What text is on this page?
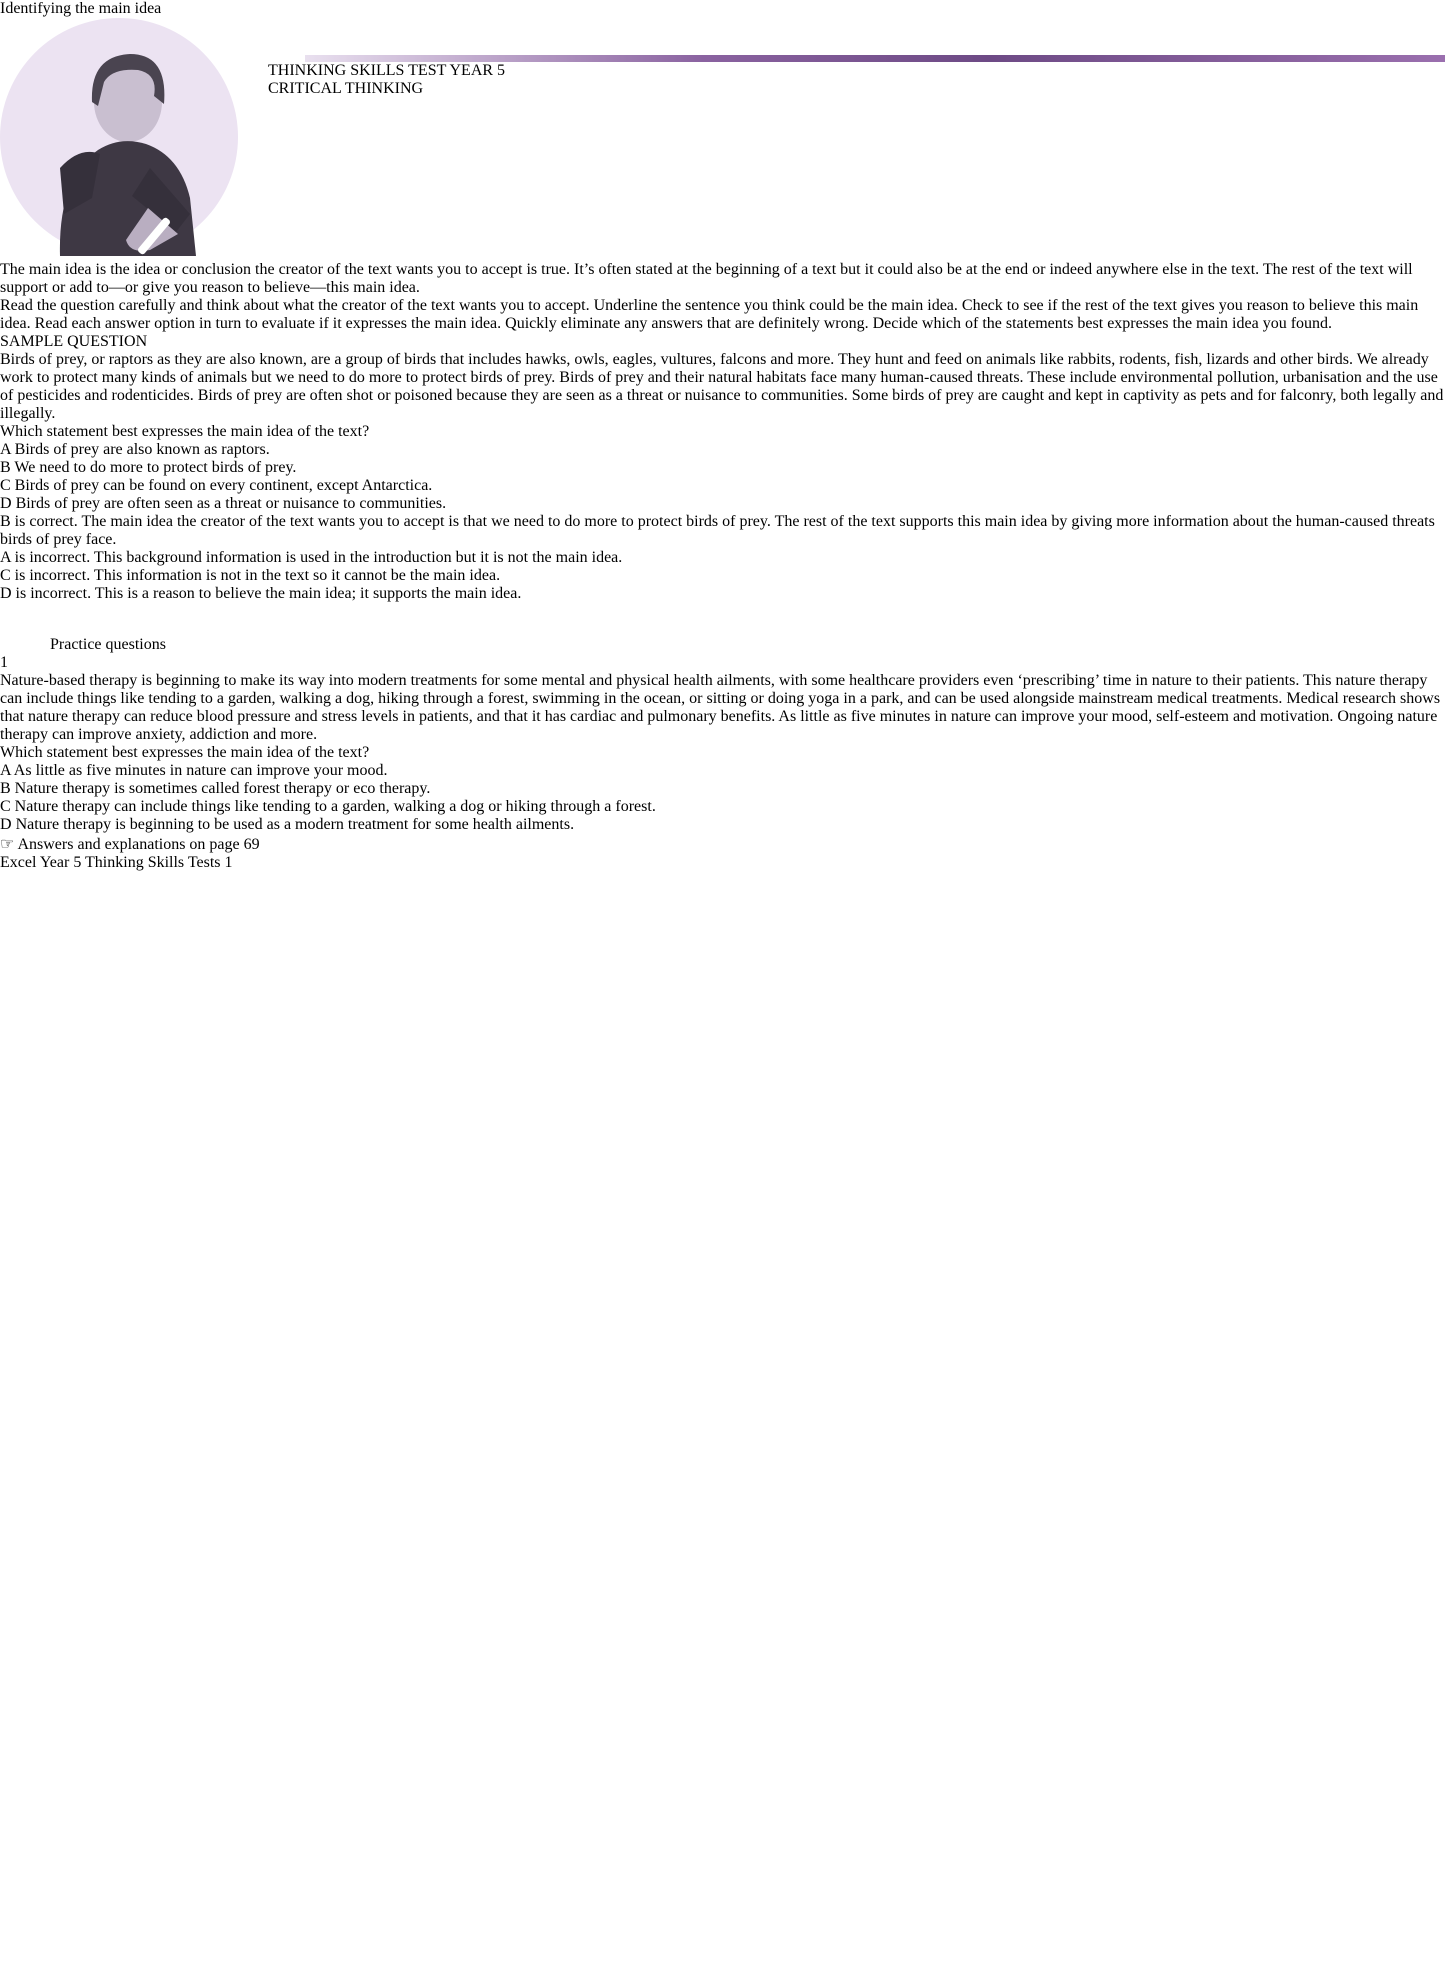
THINKING SKILLS TEST YEAR 5
CRITICAL THINKING
Identifying the main idea
• The main idea is the idea or conclusion the creator of the text wants you to accept is true. It’s often stated at the beginning of a text but it could also be at the end or indeed anywhere else in the text. The rest of the text will support or add to—or give you reason to believe—this main idea.
• Read the question carefully and think about what the creator of the text wants you to accept. Underline the sentence you think could be the main idea. Check to see if the rest of the text gives you reason to believe this main idea. Read each answer option in turn to evaluate if it expresses the main idea. Quickly eliminate any answers that are definitely wrong. Decide which of the statements best expresses the main idea you found.
SAMPLE QUESTION

Birds of prey, or raptors as they are also known, are a group of birds that includes hawks, owls, eagles, vultures, falcons and more. They hunt and feed on animals like rabbits, rodents, fish, lizards and other birds. We already work to protect many kinds of animals but we need to do more to protect birds of prey. Birds of prey and their natural habitats face many human-caused threats. These include environmental pollution, urbanisation and the use of pesticides and rodenticides. Birds of prey are often shot or poisoned because they are seen as a threat or nuisance to communities. Some birds of prey are caught and kept in captivity as pets and for falconry, both legally and illegally.

Which statement best expresses the main idea of the text?

A Birds of prey are also known as raptors.
B We need to do more to protect birds of prey.
C Birds of prey can be found on every continent, except Antarctica.
D Birds of prey are often seen as a threat or nuisance to communities.

B is correct. The main idea the creator of the text wants you to accept is that we need to do more to protect birds of prey. The rest of the text supports this main idea by giving more information about the human-caused threats birds of prey face.

A is incorrect. This background information is used in the introduction but it is not the main idea.

C is incorrect. This information is not in the text so it cannot be the main idea.

D is incorrect. This is a reason to believe the main idea; it supports the main idea.

Practice questions
1

Nature-based therapy is beginning to make its way into modern treatments for some mental and physical health ailments, with some healthcare providers even ‘prescribing’ time in nature to their patients. This nature therapy can include things like tending to a garden, walking a dog, hiking through a forest, swimming in the ocean, or sitting or doing yoga in a park, and can be used alongside mainstream medical treatments. Medical research shows that nature therapy can reduce blood pressure and stress levels in patients, and that it has cardiac and pulmonary benefits. As little as five minutes in nature can improve your mood, self-esteem and motivation. Ongoing nature therapy can improve anxiety, addiction and more.

Which statement best expresses the main idea of the text?

A As little as five minutes in nature can improve your mood.
B Nature therapy is sometimes called forest therapy or eco therapy.
C Nature therapy can include things like tending to a garden, walking a dog or hiking through a forest.
D Nature therapy is beginning to be used as a modern treatment for some health ailments.
☞ Answers and explanations on page 69
Excel Year 5 Thinking Skills Tests 1
